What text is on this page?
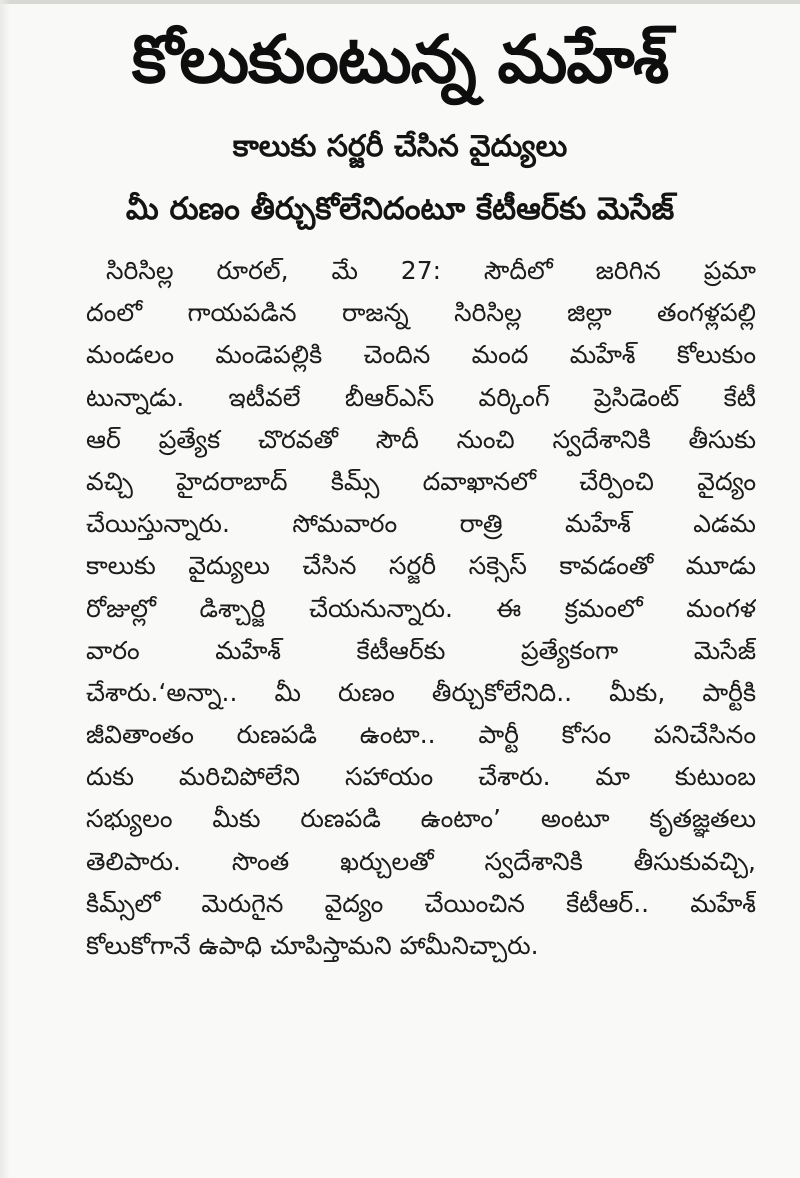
కోలుకుంటున్న మహేశ్‌
కాలుకు సర్జరీ చేసిన వైద్యులు
మీ రుణం తీర్చుకోలేనిదంటూ కేటీఆర్‌కు మెసేజ్‌
సిరిసిల్ల రూరల్‌, మే 27: సౌదీలో జరిగిన ప్రమా
దంలో గాయపడిన రాజన్న సిరిసిల్ల జిల్లా తంగళ్లపల్లి
మండలం మండెపల్లికి చెందిన మంద మహేశ్‌ కోలుకుం
టున్నాడు. ఇటీవలే బీఆర్‌ఎస్‌ వర్కింగ్‌ ప్రెసిడెంట్‌ కేటీ
ఆర్‌ ప్రత్యేక చొరవతో సౌదీ నుంచి స్వదేశానికి తీసుకు
వచ్చి హైదరాబాద్‌ కిమ్స్‌ దవాఖానలో చేర్పించి వైద్యం
చేయిస్తున్నారు. సోమవారం రాత్రి మహేశ్‌ ఎడమ
కాలుకు వైద్యులు చేసిన సర్జరీ సక్సెస్‌ కావడంతో మూడు
రోజుల్లో డిశ్చార్జి చేయనున్నారు. ఈ క్రమంలో మంగళ
వారం మహేశ్‌ కేటీఆర్‌కు ప్రత్యేకంగా మెసేజ్‌
చేశారు.‘అన్నా.. మీ రుణం తీర్చుకోలేనిది.. మీకు, పార్టీకి
జీవితాంతం రుణపడి ఉంటా.. పార్టీ కోసం పనిచేసినం
దుకు మరిచిపోలేని సహాయం చేశారు. మా కుటుంబ
సభ్యులం మీకు రుణపడి ఉంటాం’ అంటూ కృతజ్ఞతలు
తెలిపారు. సొంత ఖర్చులతో స్వదేశానికి తీసుకువచ్చి,
కిమ్స్‌లో మెరుగైన వైద్యం చేయించిన కేటీఆర్‌.. మహేశ్‌
కోలుకోగానే ఉపాధి చూపిస్తామని హామీనిచ్చారు.
